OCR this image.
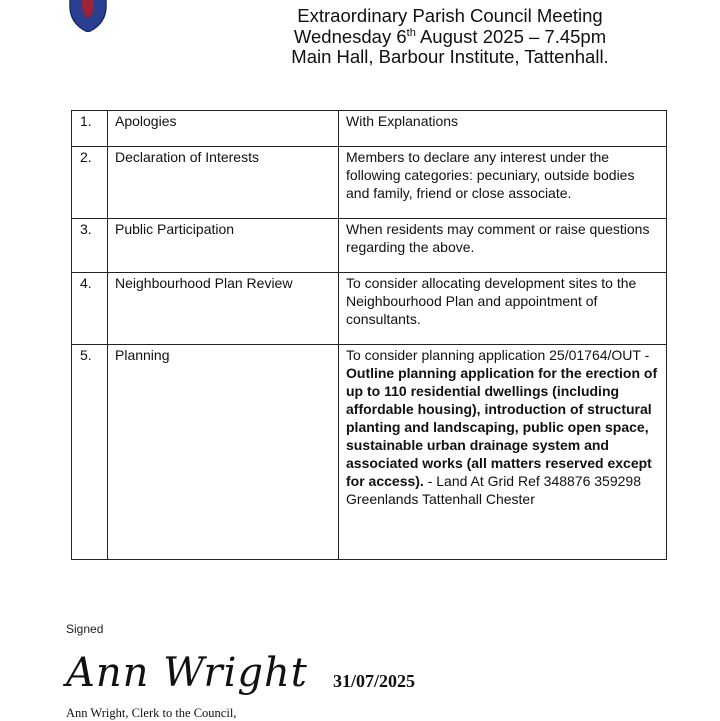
Extraordinary Parish Council Meeting
Wednesday 6th August 2025 – 7.45pm
Main Hall, Barbour Institute, Tattenhall.
1.	Apologies	With Explanations
2.	Declaration of Interests	Members to declare any interest under the following categories: pecuniary, outside bodies and family, friend or close associate.
3.	Public Participation	When residents may comment or raise questions regarding the above.
4.	Neighbourhood Plan Review	To consider allocating development sites to the Neighbourhood Plan and appointment of consultants.
5.	Planning	To consider planning application 25/01764/OUT - Outline planning application for the erection of up to 110 residential dwellings (including affordable housing), introduction of structural planting and landscaping, public open space, sustainable urban drainage system and associated works (all matters reserved except for access). - Land At Grid Ref 348876 359298 Greenlands Tattenhall Chester
Signed
Ann Wright 31/07/2025
Ann Wright, Clerk to the Council,
